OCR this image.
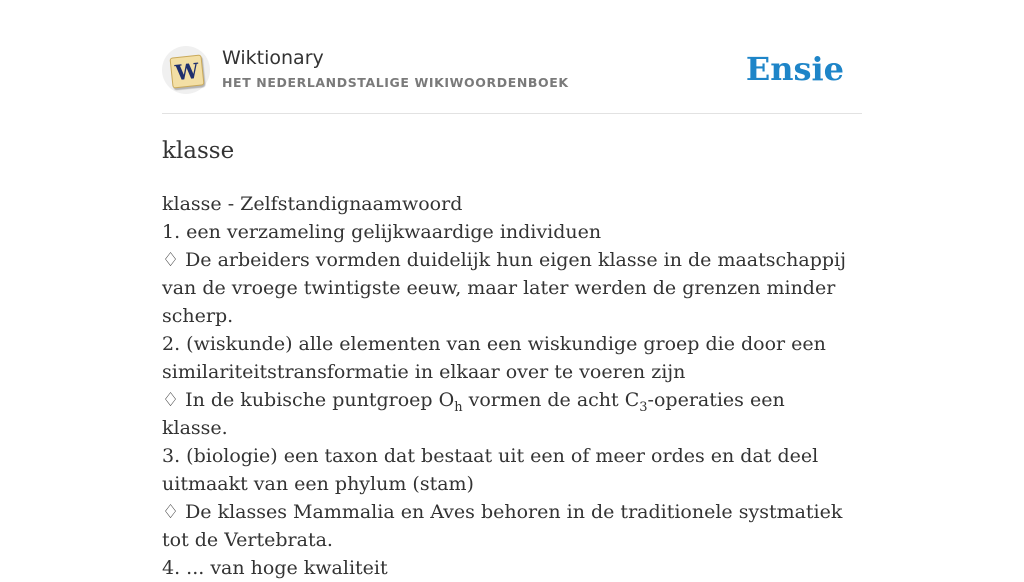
W Wiktionary
HET NEDERLANDSTALIGE WIKIWOORDENBOEK	Ensie
klasse

klasse - Zelfstandignaamwoord

1. een verzameling gelijkwaardige individuen

♢ De arbeiders vormden duidelijk hun eigen klasse in de maatschappij van de vroege twintigste eeuw, maar later werden de grenzen minder scherp.

2. (wiskunde) alle elementen van een wiskundige groep die door een similariteitstransformatie in elkaar over te voeren zijn

♢ In de kubische puntgroep $O_h$ vormen de acht $C_3$-operaties een klasse.

3. (biologie) een taxon dat bestaat uit een of meer ordes en dat deel uitmaakt van een phylum (stam)

♢ De klasses Mammalia en Aves behoren in de traditionele systmatiek tot de Vertebrata.

4. ... van hoge kwaliteit
